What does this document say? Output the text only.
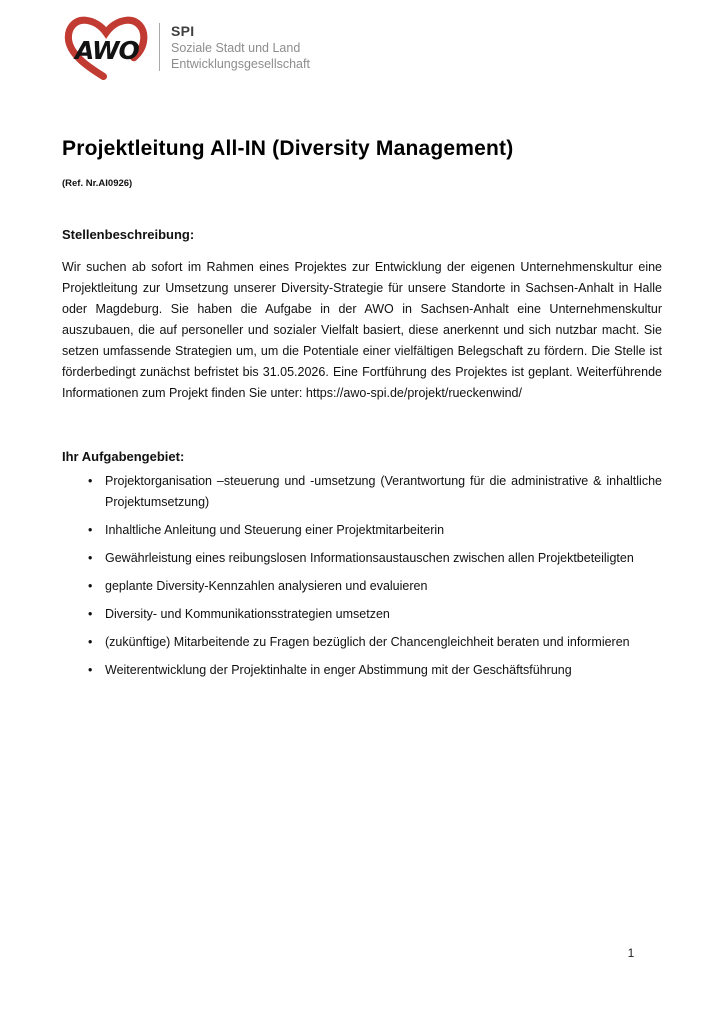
AWO
SPI
Soziale Stadt und Land
Entwicklungsgesellschaft
Projektleitung All-IN (Diversity Management)
(Ref. Nr.AI0926)
Stellenbeschreibung:

Wir suchen ab sofort im Rahmen eines Projektes zur Entwicklung der eigenen Unternehmenskultur eine Projektleitung zur Umsetzung unserer Diversity-Strategie für unsere Standorte in Sachsen-Anhalt in Halle oder Magdeburg. Sie haben die Aufgabe in der AWO in Sachsen-Anhalt eine Unternehmenskultur auszubauen, die auf personeller und sozialer Vielfalt basiert, diese anerkennt und sich nutzbar macht. Sie setzen umfassende Strategien um, um die Potentiale einer vielfältigen Belegschaft zu fördern. Die Stelle ist förderbedingt zunächst befristet bis 31.05.2026. Eine Fortführung des Projektes ist geplant. Weiterführende Informationen zum Projekt finden Sie unter: https://awo-spi.de/projekt/rueckenwind/

Ihr Aufgabengebiet:
•	Projektorganisation –steuerung und -umsetzung (Verantwortung für die administrative & inhaltliche Projektumsetzung)
•	Inhaltliche Anleitung und Steuerung einer Projektmitarbeiterin
•	Gewährleistung eines reibungslosen Informationsaustauschen zwischen allen Projektbeteiligten
•	geplante Diversity-Kennzahlen analysieren und evaluieren
•	Diversity- und Kommunikationsstrategien umsetzen
•	(zukünftige) Mitarbeitende zu Fragen bezüglich der Chancengleichheit beraten und informieren
•	Weiterentwicklung der Projektinhalte in enger Abstimmung mit der Geschäftsführung
1
